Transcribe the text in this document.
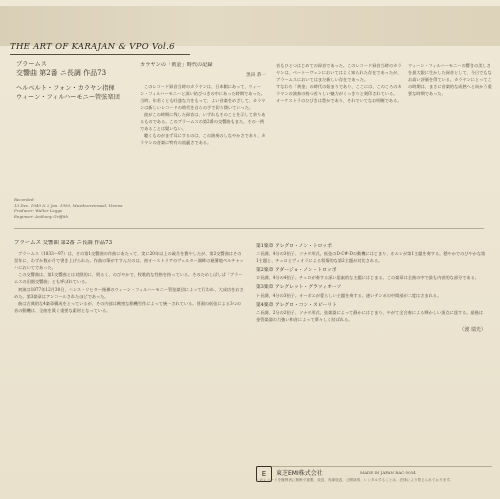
THE ART OF KARAJAN & VPO Vol.6
ブラームス
交響曲 第2番 ニ長調 作品73
ヘルベルト・フォン・カラヤン指揮
ウィーン・フィルハーモニー管弦楽団
Recorded:
13 Dec. 1949 & 2 Jan. 1950, Musikvereinsaal, Vienna
Producer: Walter Legge
Engineer: Anthony Griffith
カラヤンの「黄金」時代の記録
黒田 恭一

このレコード録音当時のカラヤンは、日本側にあって、ウィーン・フィルハーモニーと深い結びつきの中にあった時期であった。当時、年若くとも旺盛な力をもって、よい音楽をめざして、カラヤンは新しいレコードの時代を自らの手で切り開いていった。

彼がこの時期に残した録音は、いずれもそのことを示して余りあるものである。このブラームスの第2番の交響曲もまた、その一例であることは疑いない。

聴くものがまず耳にするのは、この演奏のしなやかさであり、カラヤンの音楽に特有の流麗さである。

音もひとつはじめての録音であった。このレコード録音当時のカラヤンは、ベートーヴェンにおいてはよく知られた存在であったが、ブラームスにおいてはまだ新しい存在であった。

すなわち「黄金」の時代の始まりであり、ここには、このころのカラヤンの演奏の持つ若々しい魅力がくっきりと刻印されている。

オーケストラのひびきは豊かであり、それでいてなお明晰である。

ウィーン・フィルハーモニーの響きの美しさを最大限に生かした録音として、今日でもなお高い評価を得ている。カラヤンにとってこの時期は、まさに音楽的な成熟へと向かう重要な時期であった。

ブラームス 交響曲 第2番 ニ長調 作品73

ブラームス（1833〜97）は、その第1交響曲の作曲にあたって、実に20年以上の歳月を費やしたが、第2交響曲はその翌年に、わずか数か月で書き上げられた。作曲の筆がすすんだのは、南オーストリアのヴェルター湖畔の避暑地ペルチャッハにおいてであった。

この交響曲は、第1交響曲とは対照的に、明るく、のびやかで、牧歌的な性格を持っている。そのためしばしば「ブラームスの田園交響曲」とも呼ばれている。

初演は1877年12月30日、ハンス・リヒター指揮のウィーン・フィルハーモニー管弦楽団によって行われ、大成功をおさめた。第3楽章はアンコールされたほどであった。

曲は古典的な4楽章構成をとっているが、その内部は緻密な動機労作によって統一されている。冒頭の低弦による3つの音の動機は、全曲を貫く重要な素材となっている。

第1楽章 アレグロ・ノン・トロッポ
ニ長調、4分の3拍子、ソナタ形式。低弦のD-C#-Dの動機にはじまり、ホルンが第1主題を奏する。穏やかでのびやかな第1主題と、チェロとヴィオラによる叙情的な第2主題が対比される。
第2楽章 アダージョ・ノン・トロッポ
ロ長調、4分の4拍子。チェロが奏する深い思索的な主題にはじまる。この楽章は全曲の中で最も内省的な部分である。
第3楽章 アレグレット・グラツィオーソ
ト長調、4分の3拍子。オーボエが愛らしい主題を奏する。速いテンポの中間部が二度はさまれる。
第4楽章 アレグロ・コン・スピーリト
ニ長調、2分の2拍子、ソナタ形式。弦楽器によって静かにはじまり、やがて全合奏による輝かしい頂点に達する。最後は金管楽器の力強い和音によって華々しく結ばれる。
（渡 瑞光）
E	東芝EMI株式会社	MADE IN JAPAN RAC-5034
このレコードを権利者に無断で複製、放送、有線放送、公開演奏、レンタルすることは、法律により禁じられております。
